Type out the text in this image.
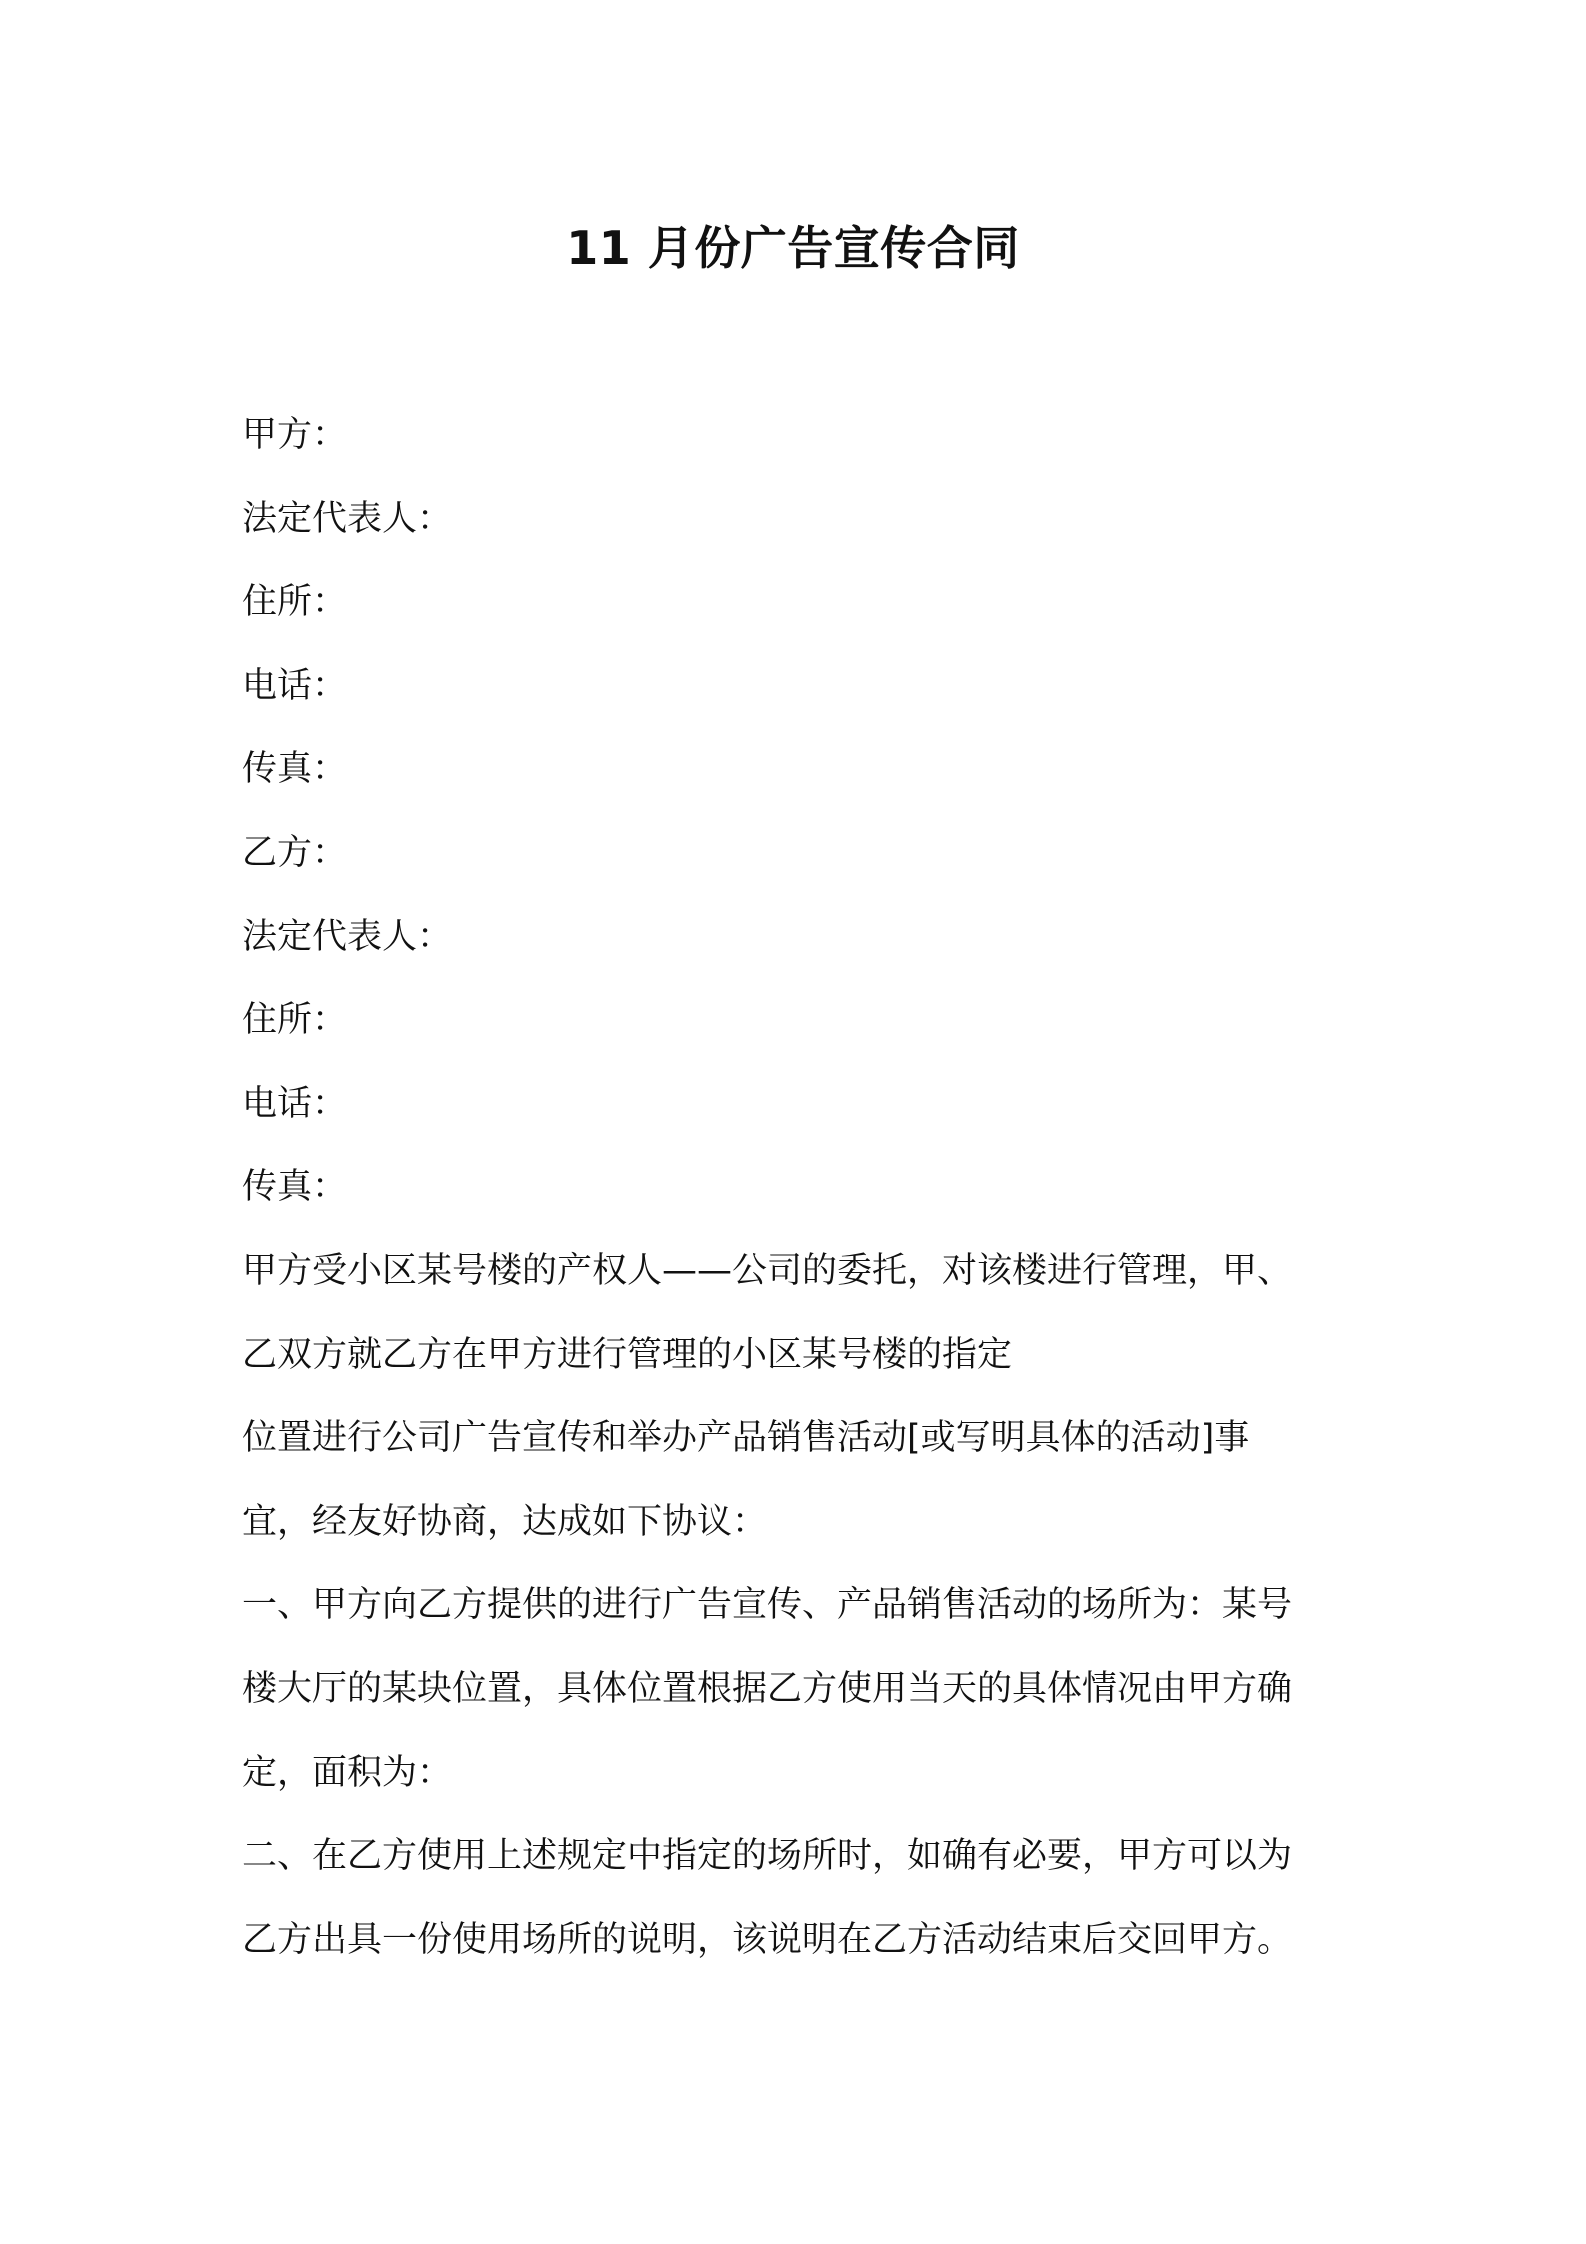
11 月份广告宣传合同
甲方：
法定代表人：
住所：
电话：
传真：
乙方：
法定代表人：
住所：
电话：
传真：
甲方受小区某号楼的产权人——公司的委托，对该楼进行管理，甲、
乙双方就乙方在甲方进行管理的小区某号楼的指定
位置进行公司广告宣传和举办产品销售活动[或写明具体的活动]事
宜，经友好协商，达成如下协议：
一、甲方向乙方提供的进行广告宣传、产品销售活动的场所为：某号
楼大厅的某块位置，具体位置根据乙方使用当天的具体情况由甲方确
定，面积为：
二、在乙方使用上述规定中指定的场所时，如确有必要，甲方可以为
乙方出具一份使用场所的说明，该说明在乙方活动结束后交回甲方。
